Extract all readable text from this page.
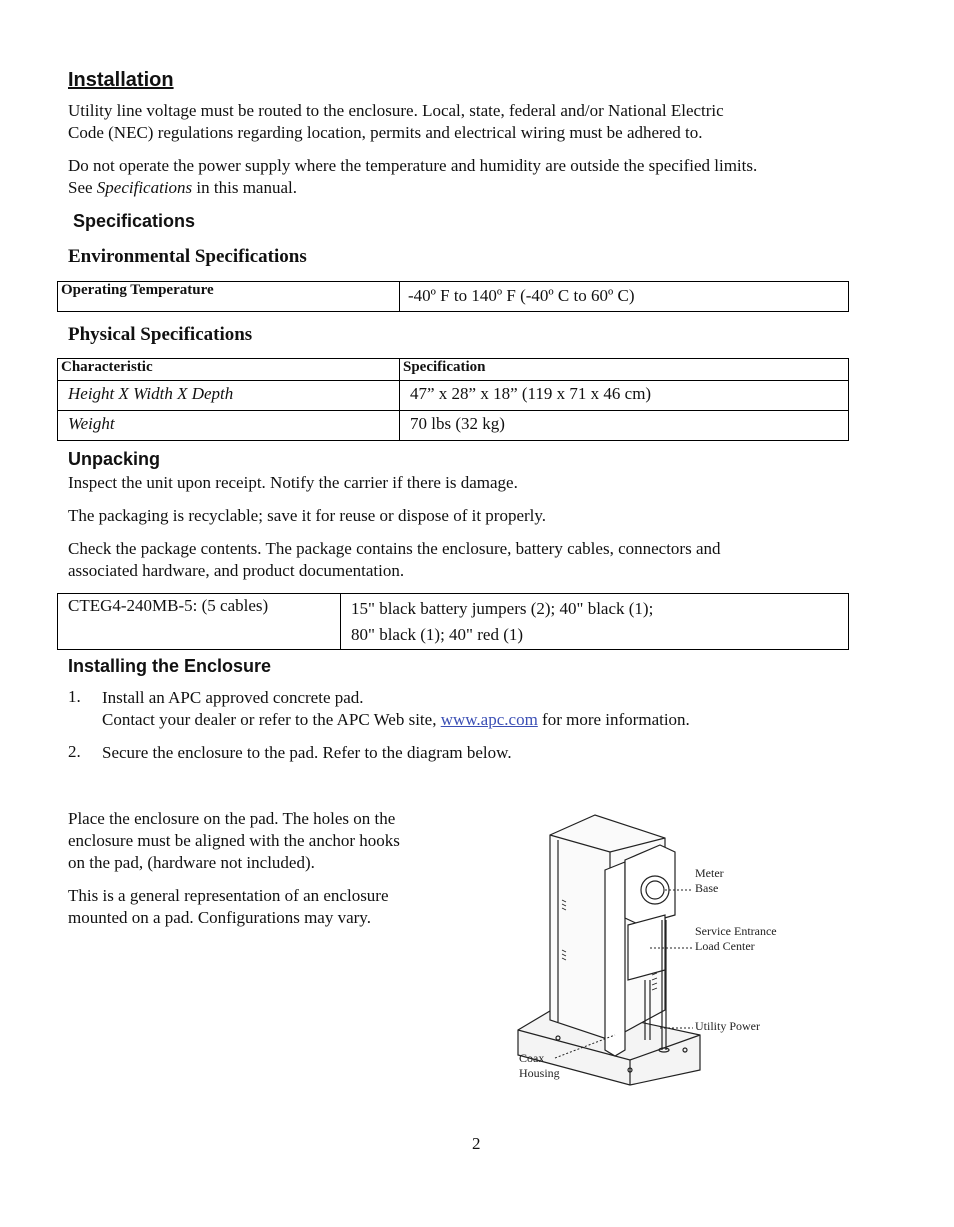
Installation

Utility line voltage must be routed to the enclosure. Local, state, federal and/or National Electric

Code (NEC) regulations regarding location, permits and electrical wiring must be adhered to.

Do not operate the power supply where the temperature and humidity are outside the specified limits.

See Specifications in this manual.

Specifications
Environmental Specifications
Operating Temperature	-40º F to 140º F (-40º C to 60º C)
Physical Specifications
Characteristic	Specification
Height X Width X Depth	47” x 28” x 18” (119 x 71 x 46 cm)
Weight	70 lbs (32 kg)
Unpacking

Inspect the unit upon receipt. Notify the carrier if there is damage.

The packaging is recyclable; save it for reuse or dispose of it properly.

Check the package contents. The package contains the enclosure, battery cables, connectors and

associated hardware, and product documentation.

CTEG4-240MB-5: (5 cables)	15" black battery jumpers (2); 40" black (1);
80" black (1); 40" red (1)
Installing the Enclosure
1. Install an APC approved concrete pad.

Contact your dealer or refer to the APC Web site, www.apc.com for more information.

2. Secure the enclosure to the pad. Refer to the diagram below.

Place the enclosure on the pad. The holes on the

enclosure must be aligned with the anchor hooks

on the pad, (hardware not included).

This is a general representation of an enclosure

mounted on a pad. Configurations may vary.

Meter
Base
Service Entrance
Load Center
Utility Power
Coax
Housing
2
